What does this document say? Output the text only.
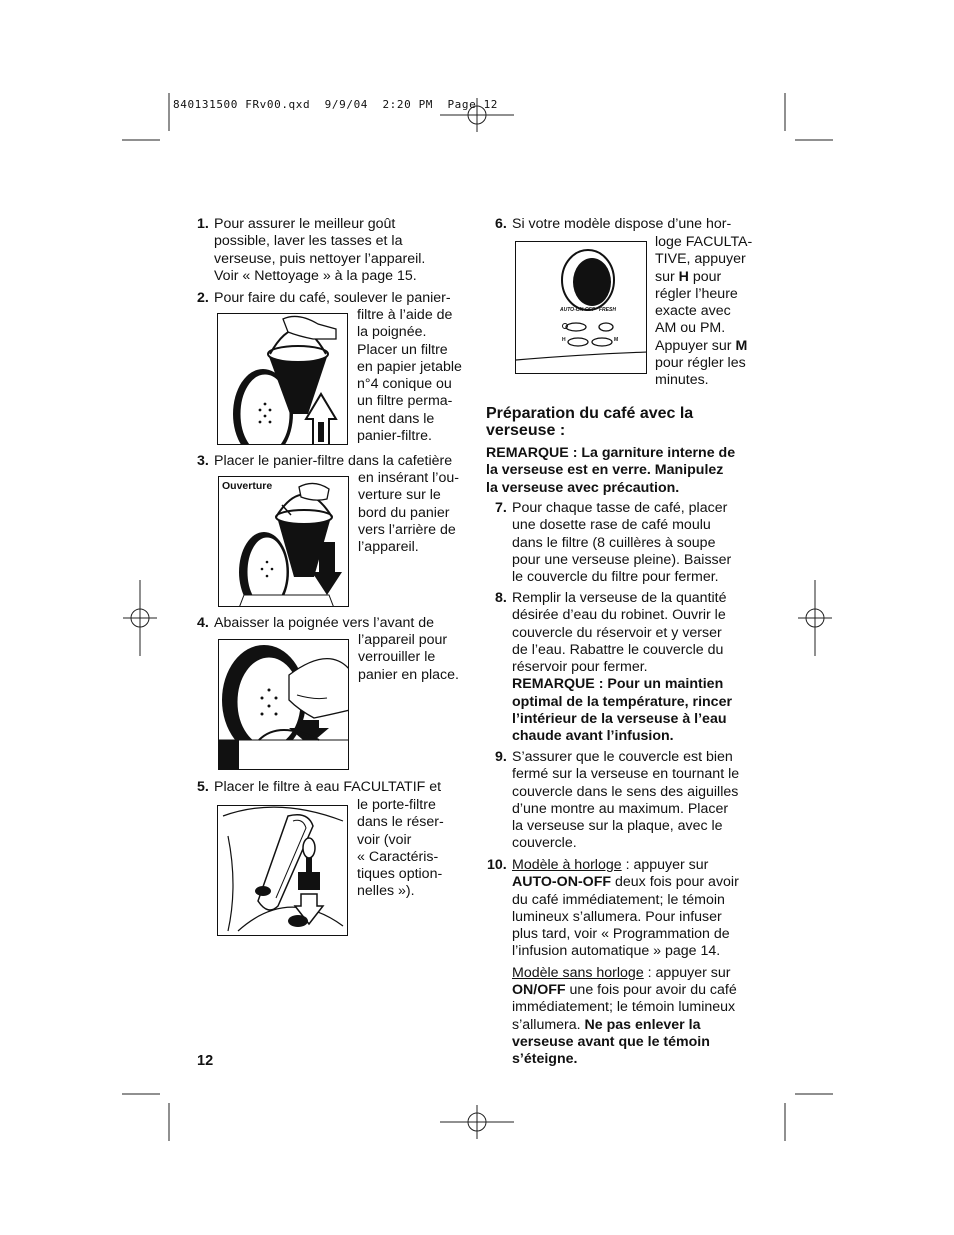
840131500 FRv00.qxd  9/9/04  2:20 PM  Page 12
1. Pour assurer le meilleur goût
possible, laver les tasses et la
verseuse, puis nettoyer l’appareil.
Voir « Nettoyage » à la page 15.
2. Pour faire du café, soulever le panier-
filtre à l’aide de
la poignée.
Placer un filtre
en papier jetable
n°4 conique ou
un filtre perma-
nent dans le
panier-filtre.
3. Placer le panier-filtre dans la cafetière
Ouverture	en insérant l’ou-
verture sur le
bord du panier
vers l’arrière de
l’appareil.
4. Abaisser la poignée vers l’avant de
l’appareil pour
verrouiller le
panier en place.
5. Placer le filtre à eau FACULTATIF et
le porte-filtre
dans le réser-
voir (voir
« Caractéris-
tiques option-
nelles »).
12
6. Si votre modèle dispose d’une hor-
AUTO-ON-OFF FRESH
H	M
loge FACULTA-
TIVE, appuyer
sur H pour
régler l’heure
exacte avec
AM ou PM.
Appuyer sur M
pour régler les
minutes.
Préparation du café avec la
verseuse :
REMARQUE : La garniture interne de
la verseuse est en verre. Manipulez
la verseuse avec précaution.
7. Pour chaque tasse de café, placer
une dosette rase de café moulu
dans le filtre (8 cuillères à soupe
pour une verseuse pleine). Baisser
le couvercle du filtre pour fermer.
8. Remplir la verseuse de la quantité
désirée d’eau du robinet. Ouvrir le
couvercle du réservoir et y verser
de l’eau. Rabattre le couvercle du
réservoir pour fermer.
REMARQUE : Pour un maintien
optimal de la température, rincer
l’intérieur de la verseuse à l’eau
chaude avant l’infusion.
9. S’assurer que le couvercle est bien
fermé sur la verseuse en tournant le
couvercle dans le sens des aiguilles
d’une montre au maximum. Placer
la verseuse sur la plaque, avec le
couvercle.
10. Modèle à horloge : appuyer sur
AUTO-ON-OFF deux fois pour avoir
du café immédiatement; le témoin
lumineux s’allumera. Pour infuser
plus tard, voir « Programmation de
l’infusion automatique » page 14.
Modèle sans horloge : appuyer sur
ON/OFF une fois pour avoir du café
immédiatement; le témoin lumineux
s’allumera. Ne pas enlever la
verseuse avant que le témoin
s’éteigne.
